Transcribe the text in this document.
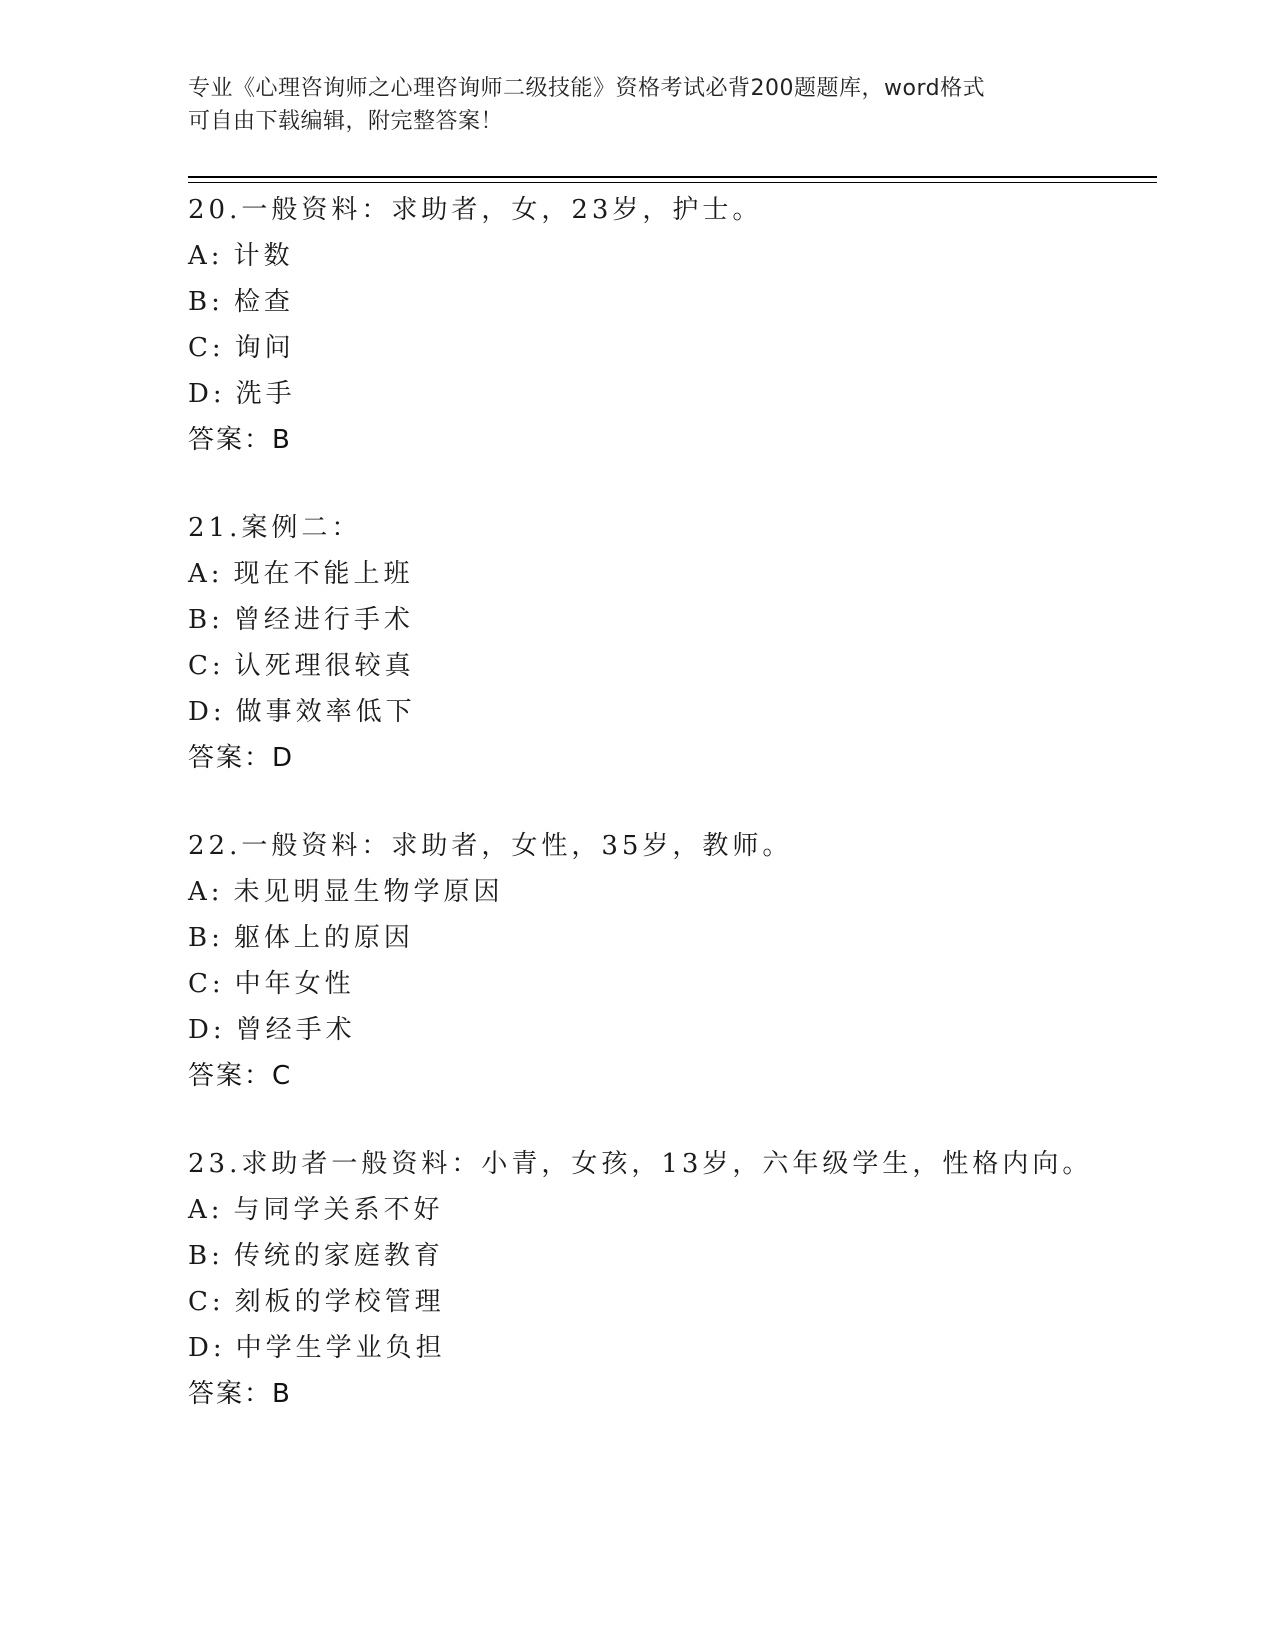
专业《心理咨询师之心理咨询师二级技能》资格考试必背200题题库，word格式
可自由下载编辑，附完整答案！
20.一般资料：求助者，女，23岁，护士。
A: 计数
B: 检查
C: 询问
D: 洗手
答案：B
21.案例二：
A: 现在不能上班
B: 曾经进行手术
C: 认死理很较真
D: 做事效率低下
答案：D
22.一般资料：求助者，女性，35岁，教师。
A: 未见明显生物学原因
B: 躯体上的原因
C: 中年女性
D: 曾经手术
答案：C
23.求助者一般资料：小青，女孩，13岁，六年级学生，性格内向。
A: 与同学关系不好
B: 传统的家庭教育
C: 刻板的学校管理
D: 中学生学业负担
答案：B
